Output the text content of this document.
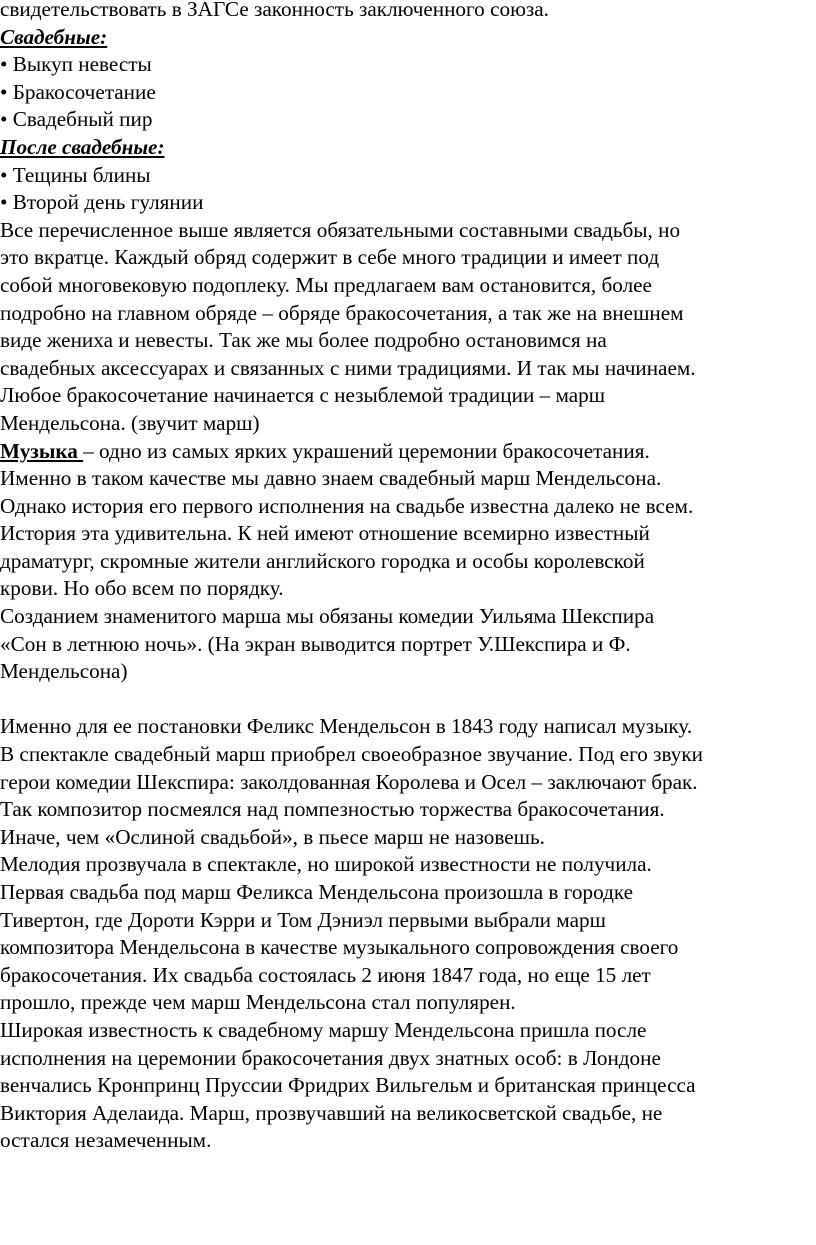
свидетельствовать в ЗАГСе законность заключенного союза.
Свадебные:
• Выкуп невесты
• Бракосочетание
• Свадебный пир
После свадебные:
• Тещины блины
• Второй день гулянии
Все перечисленное выше является обязательными составными свадьбы, но
это вкратце. Каждый обряд содержит в себе много традиции и имеет под
собой многовековую подоплеку. Мы предлагаем вам остановится, более
подробно на главном обряде – обряде бракосочетания, а так же на внешнем
виде жениха и невесты. Так же мы более подробно остановимся на
свадебных аксессуарах и связанных с ними традициями. И так мы начинаем.
Любое бракосочетание начинается с незыблемой традиции – марш
Мендельсона. (звучит марш)
Музыка – одно из самых ярких украшений церемонии бракосочетания.
Именно в таком качестве мы давно знаем свадебный марш Мендельсона.
Однако история его первого исполнения на свадьбе известна далеко не всем.
История эта удивительна. К ней имеют отношение всемирно известный
драматург, скромные жители английского городка и особы королевской
крови. Но обо всем по порядку.
Созданием знаменитого марша мы обязаны комедии Уильяма Шекспира
«Сон в летнюю ночь». (На экран выводится портрет У.Шекспира и Ф.
Мендельсона)
Именно для ее постановки Феликс Мендельсон в 1843 году написал музыку.
В спектакле свадебный марш приобрел своеобразное звучание. Под его звуки
герои комедии Шекспира: заколдованная Королева и Осел – заключают брак.
Так композитор посмеялся над помпезностью торжества бракосочетания.
Иначе, чем «Ослиной свадьбой», в пьесе марш не назовешь.
Мелодия прозвучала в спектакле, но широкой известности не получила.
Первая свадьба под марш Феликса Мендельсона произошла в городке
Тивертон, где Дороти Кэрри и Том Дэниэл первыми выбрали марш
композитора Мендельсона в качестве музыкального сопровождения своего
бракосочетания. Их свадьба состоялась 2 июня 1847 года, но еще 15 лет
прошло, прежде чем марш Мендельсона стал популярен.
Широкая известность к свадебному маршу Мендельсона пришла после
исполнения на церемонии бракосочетания двух знатных особ: в Лондоне
венчались Кронпринц Пруссии Фридрих Вильгельм и британская принцесса
Виктория Аделаида. Марш, прозвучавший на великосветской свадьбе, не
остался незамеченным.
